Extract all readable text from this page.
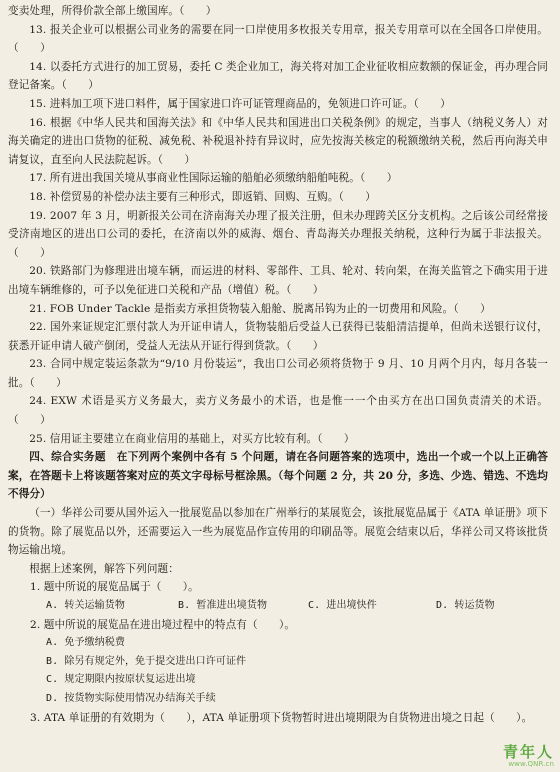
变卖处理，所得价款全部上缴国库。（　　）

13. 报关企业可以根据公司业务的需要在同一口岸使用多枚报关专用章，报关专用章可以在全国各口岸使用。（　　）

14. 以委托方式进行的加工贸易，委托 C 类企业加工，海关将对加工企业征收相应数额的保证金，再办理合同登记备案。（　　）

15. 进料加工项下进口料件，属于国家进口许可证管理商品的，免领进口许可证。（　　）

16. 根据《中华人民共和国海关法》和《中华人民共和国进出口关税条例》的规定，当事人（纳税义务人）对海关确定的进出口货物的征税、减免税、补税退补持有异议时，应先按海关核定的税额缴纳关税，然后再向海关申请复议，直至向人民法院起诉。（　　）

17. 所有进出我国关境从事商业性国际运输的船舶必须缴纳船舶吨税。（　　）

18. 补偿贸易的补偿办法主要有三种形式，即返销、回购、互购。（　　）

19. 2007 年 3 月，明新报关公司在济南海关办理了报关注册，但未办理跨关区分支机构。之后该公司经常接受济南地区的进出口公司的委托，在济南以外的威海、烟台、青岛海关办理报关纳税，这种行为属于非法报关。（　　）

20. 铁路部门为修理进出境车辆，而运进的材料、零部件、工具、轮对、转向架，在海关监管之下确实用于进出境车辆维修的，可予以免征进口关税和产品（增值）税。（　　）

21. FOB Under Tackle 是指卖方承担货物装入船舱、脱离吊钩为止的一切费用和风险。（　　）

22. 国外来证规定汇票付款人为开证申请人，货物装船后受益人已获得已装船清洁提单，但尚未送银行议付，获悉开证申请人破产倒闭，受益人无法从开证行得到货款。（　　）

23. 合同中规定装运条款为“9/10 月份装运”，我出口公司必须将货物于 9 月、10 月两个月内，每月各装一批。（　　）

24. EXW 术语是买方义务最大，卖方义务最小的术语，也是惟一一个由买方在出口国负责清关的术语。（　　）

25. 信用证主要建立在商业信用的基础上，对买方比较有利。（　　）

四、综合实务题　在下列两个案例中各有 5 个问题，请在各问题答案的选项中，选出一个或一个以上正确答案，在答题卡上将该题答案对应的英文字母标号框涂黑。（每个问题 2 分，共 20 分，多选、少选、错选、不选均不得分）

（一）华祥公司要从国外运入一批展览品以参加在广州举行的某展览会，该批展览品属于《ATA 单证册》项下的货物。除了展览品以外，还需要运入一些为展览品作宣传用的印刷品等。展览会结束以后，华祥公司又将该批货物运输出境。

根据上述案例，解答下列问题：

1. 题中所说的展览品属于（　　）。

A. 转关运输货物	B. 暂准进出境货物	C. 进出境快件	D. 转运货物

2. 题中所说的展览品在进出境过程中的特点有（　　）。

A. 免予缴纳税费
B. 除另有规定外，免于提交进出口许可证件
C. 规定期限内按原状复运进出境
D. 按货物实际使用情况办结海关手续

3. ATA 单证册的有效期为（　　），ATA 单证册项下货物暂时进出境期限为自货物进出境之日起（　　）。

青年人
www.QNR.cn
